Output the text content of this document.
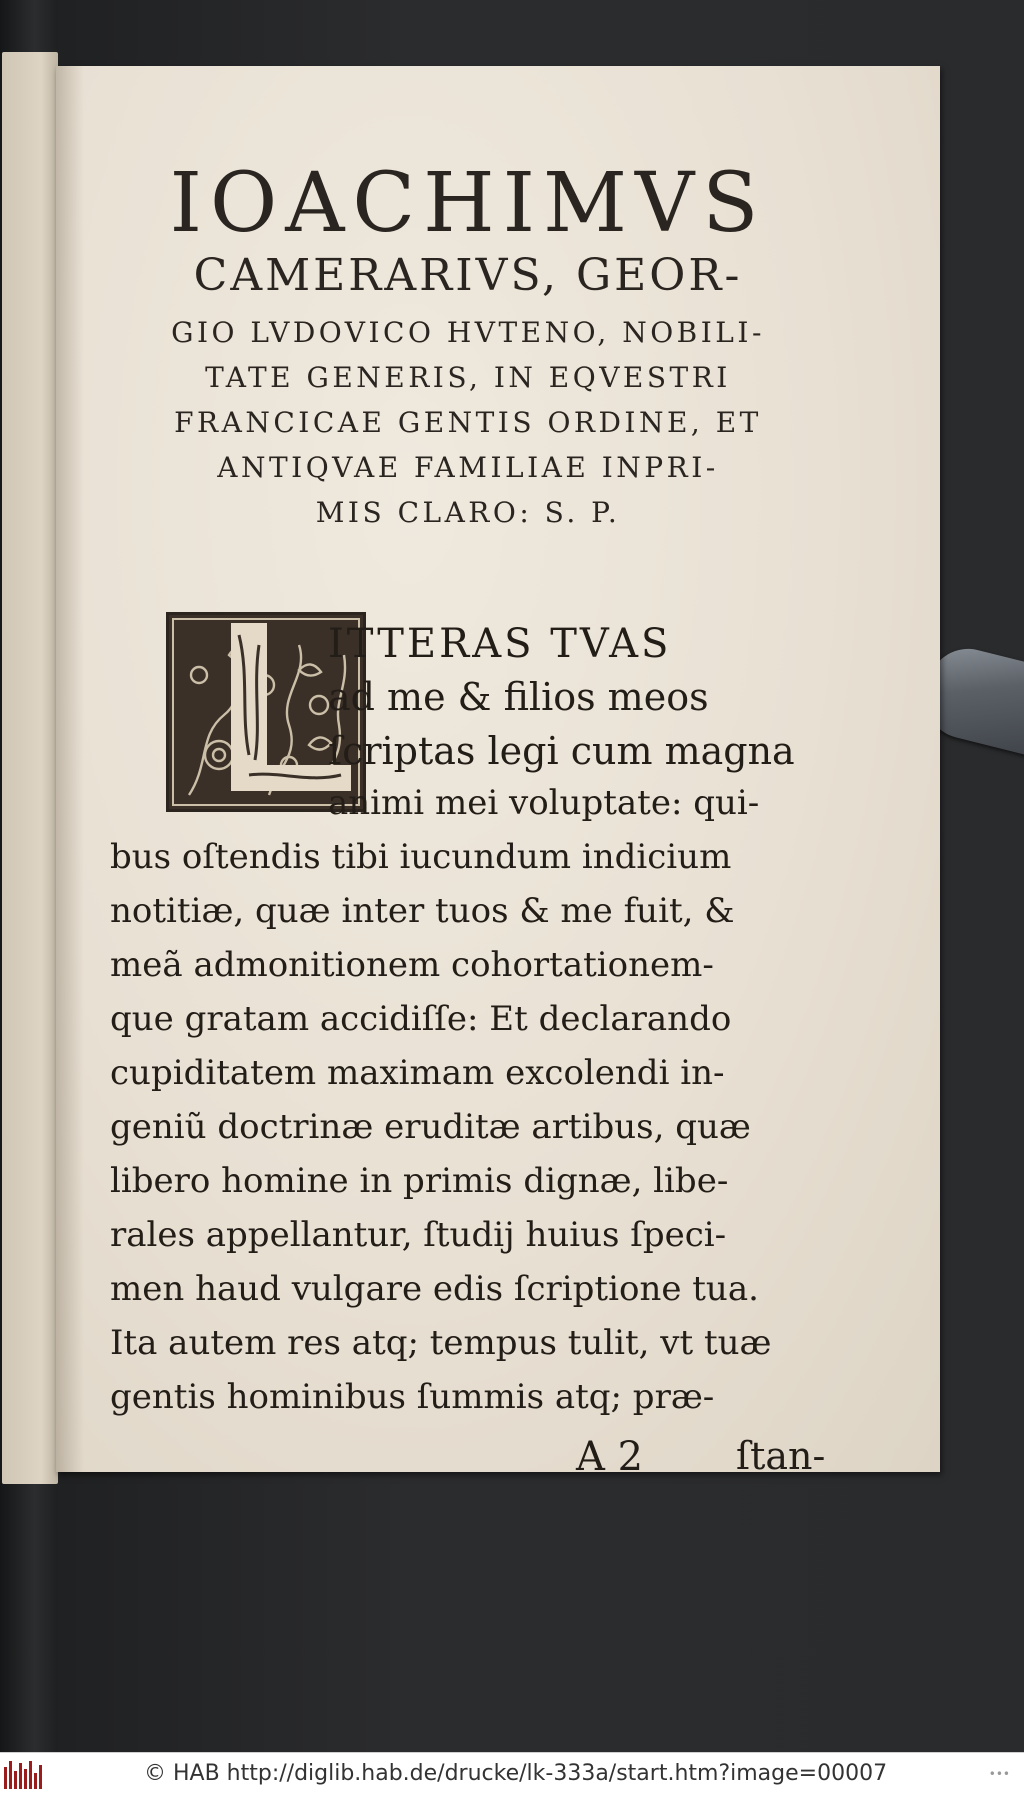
IOACHIMVS
CAMERARIVS, GEOR-
GIO LVDOVICO HVTENO, NOBILI-
TATE GENERIS, IN EQVESTRI
FRANCICAE GENTIS ORDINE, ET
ANTIQVAE FAMILIAE INPRI-
MIS CLARO: S. P.
ITTERAS TVAS
ad me & filios meos
ſcriptas legi cum magna
animi mei voluptate: qui-
bus oſtendis tibi iucundum indicium
notitiæ, quæ inter tuos & me fuit, &
meã admonitionem cohortationem-
que gratam accidiſſe: Et declarando
cupiditatem maximam excolendi in-
geniũ doctrinæ eruditæ artibus, quæ
libero homine in primis dignæ, libe-
rales appellantur, ſtudij huius ſpeci-
men haud vulgare edis ſcriptione tua.
Ita autem res atq; tempus tulit, vt tuæ
gentis hominibus ſummis atq; præ-
A 2 ſtan-
© HAB http://diglib.hab.de/drucke/lk-333a/start.htm?image=00007	•••
